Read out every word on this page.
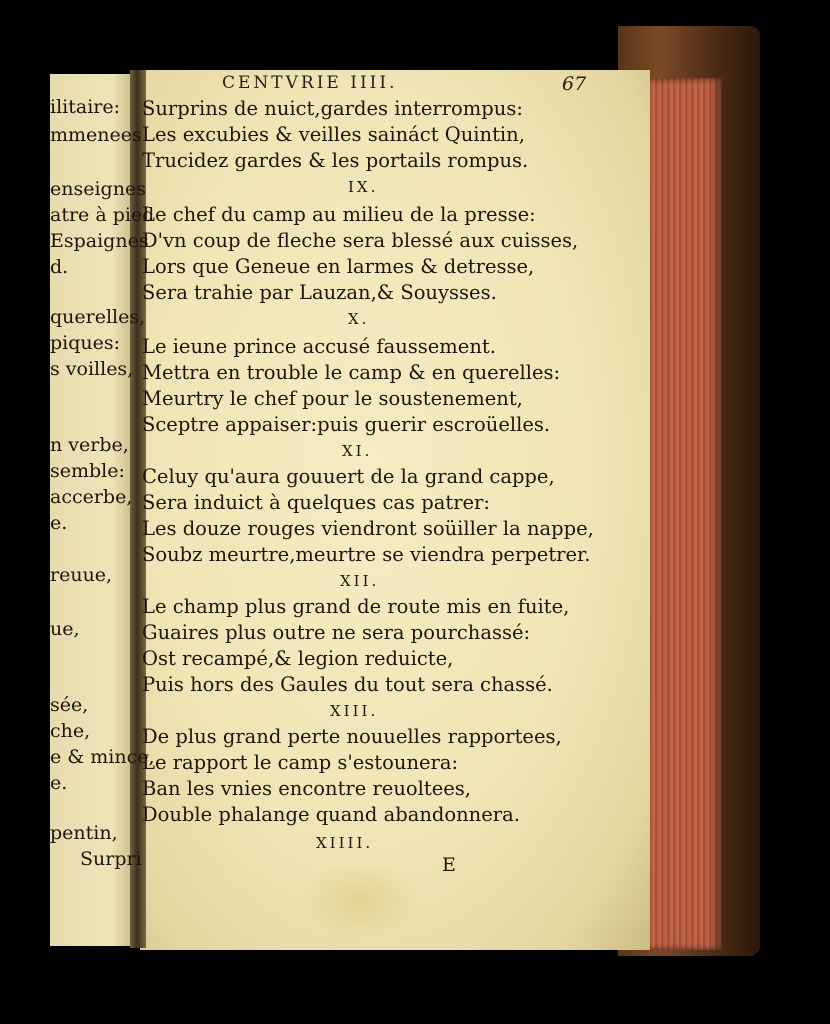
CENTVRIE IIII.	67
ilitaire:
mmenees
enseignes
atre à pied
Espaignes
d.
querelles,
piques:
s voilles,
n verbe,
semble:
accerbe,
e.
reuue,
ue,
sée,
che,
e & mince,
e.
pentin,
Surpri
Surprins de nuict,gardes interrompus:
Les excubies & veilles saináct Quintin,
Trucidez gardes & les portails rompus.
IX.
Le chef du camp au milieu de la presse:
D'vn coup de fleche sera blessé aux cuisses,
Lors que Geneue en larmes & detresse,
Sera trahie par Lauzan,& Souysses.
X.
Le ieune prince accusé faussement.
Mettra en trouble le camp & en querelles:
Meurtry le chef pour le soustenement,
Sceptre appaiser:puis guerir escroüelles.
XI.
Celuy qu'aura gouuert de la grand cappe,
Sera induict à quelques cas patrer:
Les douze rouges viendront soüiller la nappe,
Soubz meurtre,meurtre se viendra perpetrer.
XII.
Le champ plus grand de route mis en fuite,
Guaires plus outre ne sera pourchassé:
Ost recampé,& legion reduicte,
Puis hors des Gaules du tout sera chassé.
XIII.
De plus grand perte nouuelles rapportees,
Le rapport le camp s'estounera:
Ban les vnies encontre reuoltees,
Double phalange quand abandonnera.
XIIII.
E
